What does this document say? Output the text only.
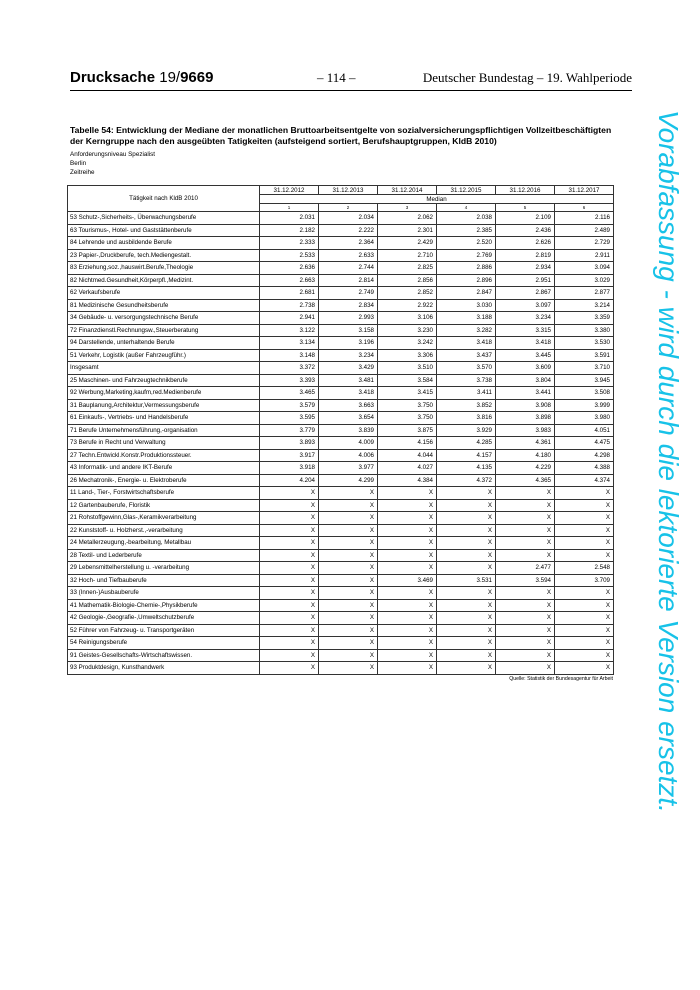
Drucksache 19/9669	– 114 –	Deutscher Bundestag – 19. Wahlperiode
Tabelle 54: Entwicklung der Mediane der monatlichen Bruttoarbeitsentgelte von sozialversicherungspflichtigen Vollzeitbeschäftigten der Kerngruppe nach den ausgeübten Tatigkeiten (aufsteigend sortiert, Berufshauptgruppen, KldB 2010)
Anforderungsniveau Spezialist
Berlin
Zeitreihe
Tätigkeit nach KldB 2010	31.12.2012	31.12.2013	31.12.2014	31.12.2015	31.12.2016	31.12.2017
	Median					
	1	2	3	4	5	6
53 Schutz-,Sicherheits-, Überwachungsberufe	2.031	2.034	2.062	2.038	2.109	2.116
63 Tourismus-, Hotel- und Gaststättenberufe	2.182	2.222	2.301	2.385	2.436	2.489
84 Lehrende und ausbildende Berufe	2.333	2.364	2.429	2.520	2.626	2.729
23 Papier-,Druckberufe, tech.Mediengestalt.	2.533	2.633	2.710	2.769	2.819	2.911
83 Erziehung,soz.,hauswirt.Berufe,Theologie	2.636	2.744	2.825	2.886	2.934	3.094
82 Nichtmed.Gesundheit,Körperpfl.,Medizint.	2.663	2.814	2.856	2.896	2.951	3.029
62 Verkaufsberufe	2.681	2.749	2.852	2.847	2.867	2.877
81 Medizinische Gesundheitsberufe	2.738	2.834	2.922	3.030	3.097	3.214
34 Gebäude- u. versorgungstechnische Berufe	2.941	2.993	3.106	3.188	3.234	3.359
72 Finanzdienstl.Rechnungsw.,Steuerberatung	3.122	3.158	3.230	3.282	3.315	3.380
94 Darstellende, unterhaltende Berufe	3.134	3.196	3.242	3.418	3.418	3.530
51 Verkehr, Logistik (außer Fahrzeugführ.)	3.148	3.234	3.306	3.437	3.445	3.591
Insgesamt	3.372	3.429	3.510	3.570	3.609	3.710
25 Maschinen- und Fahrzeugtechnikberufe	3.393	3.481	3.584	3.738	3.804	3.945
92 Werbung,Marketing,kaufm,red.Medienberufe	3.465	3.418	3.415	3.411	3.441	3.508
31 Bauplanung,Architektur,Vermessungsberufe	3.579	3.663	3.750	3.852	3.908	3.999
61 Einkaufs-, Vertriebs- und Handelsberufe	3.595	3.654	3.750	3.816	3.898	3.980
71 Berufe Unternehmensführung,-organisation	3.779	3.839	3.875	3.929	3.983	4.051
73 Berufe in Recht und Verwaltung	3.893	4.009	4.156	4.285	4.361	4.475
27 Techn.Entwickl.Konstr.Produktionssteuer.	3.917	4.006	4.044	4.157	4.180	4.298
43 Informatik- und andere IKT-Berufe	3.918	3.977	4.027	4.135	4.229	4.388
26 Mechatronik-, Energie- u. Elektroberufe	4.204	4.299	4.384	4.372	4.365	4.374
11 Land-, Tier-, Forstwirtschaftsberufe	X	X	X	X	X	X
12 Gartenbauberufe, Floristik	X	X	X	X	X	X
21 Rohstoffgewinn,Glas-,Keramikverarbeitung	X	X	X	X	X	X
22 Kunststoff- u. Holzherst.,-verarbeitung	X	X	X	X	X	X
24 Metallerzeugung,-bearbeitung, Metallbau	X	X	X	X	X	X
28 Textil- und Lederberufe	X	X	X	X	X	X
29 Lebensmittelherstellung u. -verarbeitung	X	X	X	X	2.477	2.548
32 Hoch- und Tiefbauberufe	X	X	3.469	3.531	3.594	3.709
33 (Innen-)Ausbauberufe	X	X	X	X	X	X
41 Mathematik-Biologie-Chemie-,Physikberufe	X	X	X	X	X	X
42 Geologie-,Geografie-,Umweltschutzberufe	X	X	X	X	X	X
52 Führer von Fahrzeug- u. Transportgeräten	X	X	X	X	X	X
54 Reinigungsberufe	X	X	X	X	X	X
91 Geistes-Gesellschafts-Wirtschaftswissen.	X	X	X	X	X	X
93 Produktdesign, Kunsthandwerk	X	X	X	X	X	X
Quelle: Statistik der Bundesagentur für Arbeit Vorabfassung - wird durch die lektorierte Version ersetzt.
